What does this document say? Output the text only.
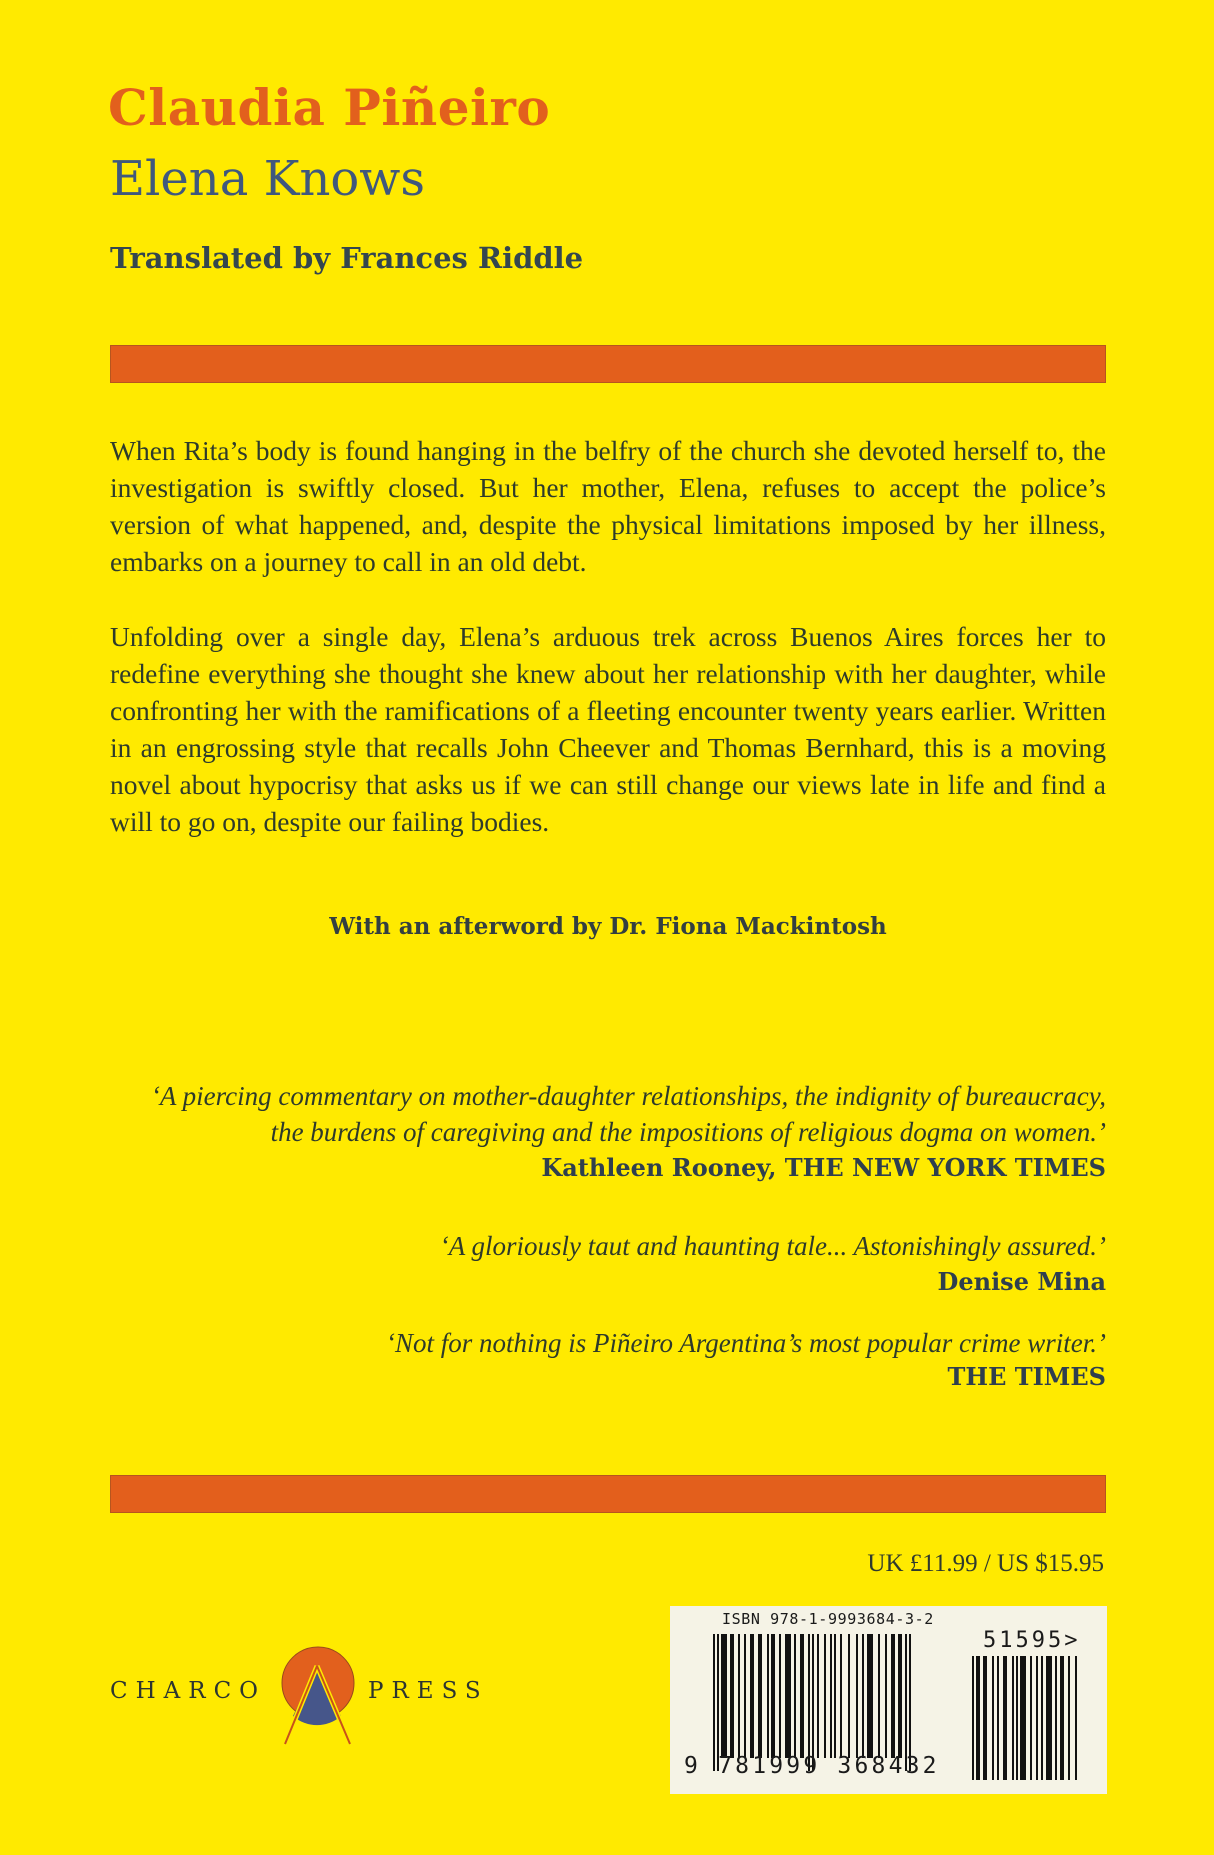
Claudia Piñeiro
Elena Knows
Translated by Frances Riddle

When Rita’s body is found hanging in the belfry of the church she devoted herself to, the investigation is swiftly closed. But her mother, Elena, refuses to accept the police’s version of what happened, and, despite the physical limitations imposed by her illness, embarks on a journey to call in an old debt.

Unfolding over a single day, Elena’s arduous trek across Buenos Aires forces her to redefine everything she thought she knew about her relationship with her daughter, while confronting her with the ramifications of a fleeting encounter twenty years earlier. Written in an engrossing style that recalls John Cheever and Thomas Bernhard, this is a moving novel about hypocrisy that asks us if we can still change our views late in life and find a will to go on, despite our failing bodies.

With an afterword by Dr. Fiona Mackintosh
‘A piercing commentary on mother-daughter relationships, the indignity of bureaucracy,
the burdens of caregiving and the impositions of religious dogma on women.’
Kathleen Rooney, THE NEW YORK TIMES
‘A gloriously taut and haunting tale... Astonishingly assured.’
Denise Mina
‘Not for nothing is Piñeiro Argentina’s most popular crime writer.’
THE TIMES
UK £11.99 / US $15.95
CHARCO	PRESS
ISBN 978-1-9993684-3-2
51595>
9 781999 368432
